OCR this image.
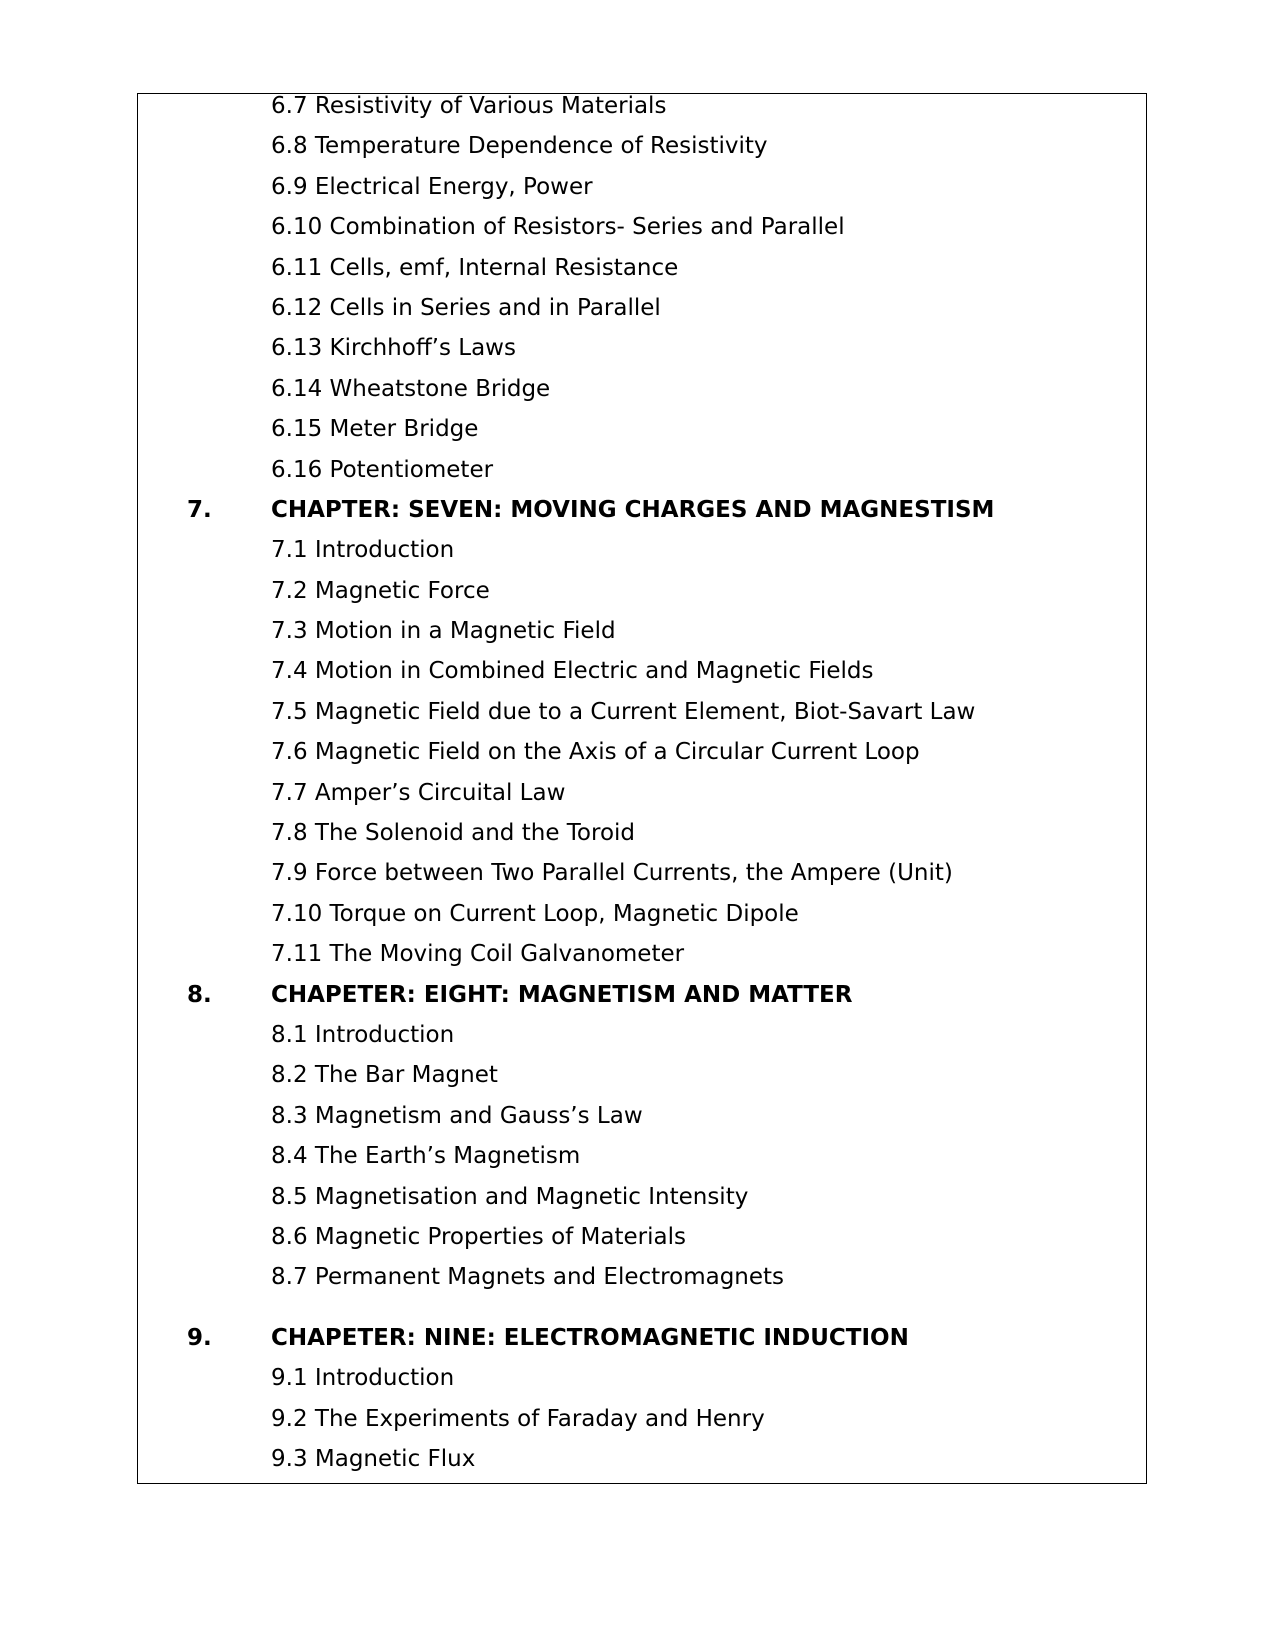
6.7 Resistivity of Various Materials
6.8 Temperature Dependence of Resistivity
6.9 Electrical Energy, Power
6.10 Combination of Resistors- Series and Parallel
6.11 Cells, emf, Internal Resistance
6.12 Cells in Series and in Parallel
6.13 Kirchhoff’s Laws
6.14 Wheatstone Bridge
6.15 Meter Bridge
6.16 Potentiometer
7.	CHAPTER: SEVEN: MOVING CHARGES AND MAGNESTISM
7.1 Introduction
7.2 Magnetic Force
7.3 Motion in a Magnetic Field
7.4 Motion in Combined Electric and Magnetic Fields
7.5 Magnetic Field due to a Current Element, Biot-Savart Law
7.6 Magnetic Field on the Axis of a Circular Current Loop
7.7 Amper’s Circuital Law
7.8 The Solenoid and the Toroid
7.9 Force between Two Parallel Currents, the Ampere (Unit)
7.10 Torque on Current Loop, Magnetic Dipole
7.11 The Moving Coil Galvanometer
8.	CHAPETER: EIGHT: MAGNETISM AND MATTER
8.1 Introduction
8.2 The Bar Magnet
8.3 Magnetism and Gauss’s Law
8.4 The Earth’s Magnetism
8.5 Magnetisation and Magnetic Intensity
8.6 Magnetic Properties of Materials
8.7 Permanent Magnets and Electromagnets
9.	CHAPETER: NINE: ELECTROMAGNETIC INDUCTION
9.1 Introduction
9.2 The Experiments of Faraday and Henry
9.3 Magnetic Flux
